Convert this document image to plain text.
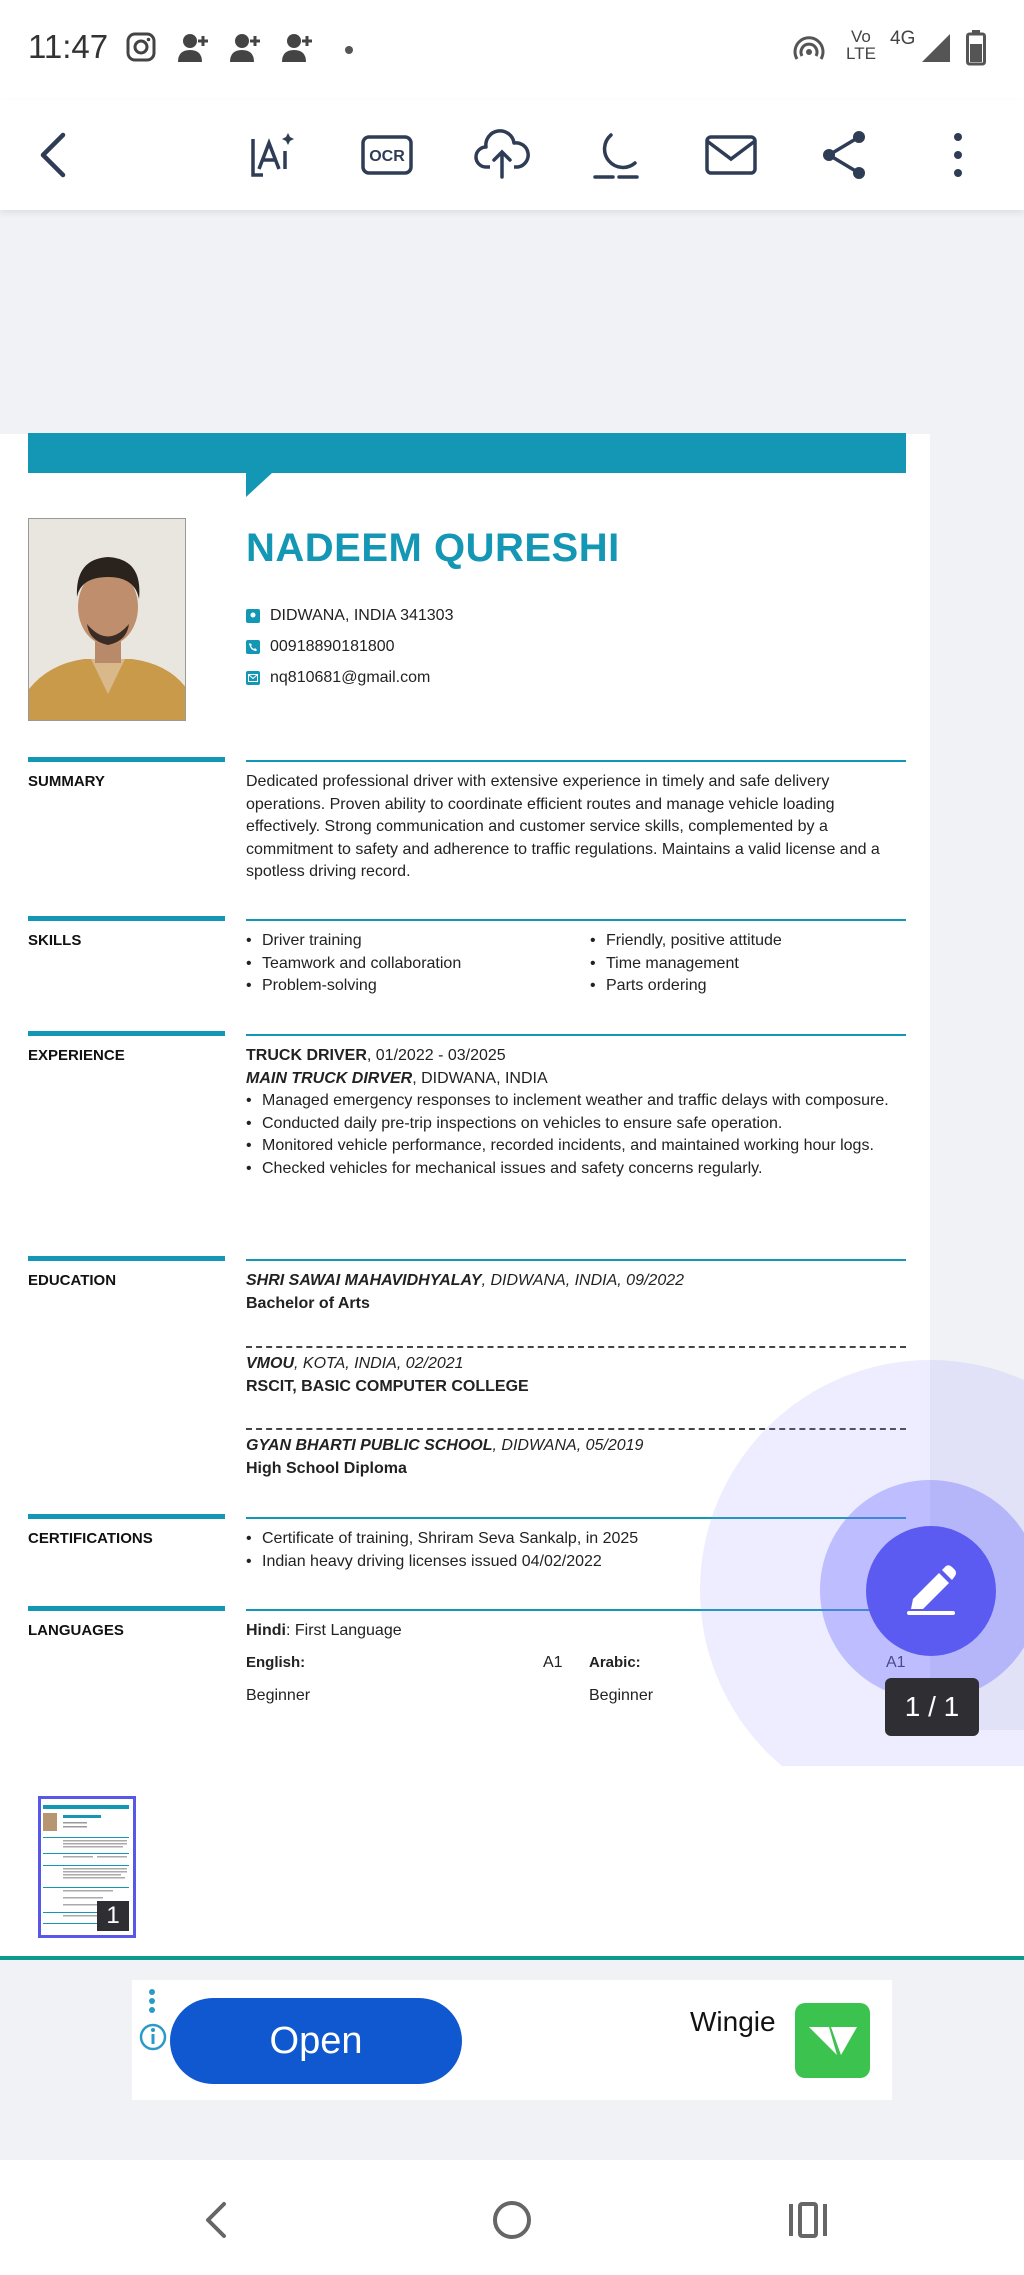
11:47	Vo
LTE
4G
OCR
NADEEM QURESHI
DIDWANA, INDIA 341303
00918890181800
nq810681@gmail.com
SUMMARY	Dedicated professional driver with extensive experience in timely and safe delivery operations. Proven ability to coordinate efficient routes and manage vehicle loading effectively. Strong communication and customer service skills, complemented by a commitment to safety and adherence to traffic regulations. Maintains a valid license and a spotless driving record.
SKILLS	• Driver training
• Teamwork and collaboration
• Problem-solving
• Friendly, positive attitude
• Time management
• Parts ordering
EXPERIENCE	TRUCK DRIVER, 01/2022 - 03/2025
MAIN TRUCK DIRVER, DIDWANA, INDIA
• Managed emergency responses to inclement weather and traffic delays with composure.
• Conducted daily pre-trip inspections on vehicles to ensure safe operation.
• Monitored vehicle performance, recorded incidents, and maintained working hour logs.
• Checked vehicles for mechanical issues and safety concerns regularly.
EDUCATION	SHRI SAWAI MAHAVIDHYALAY, DIDWANA, INDIA, 09/2022
Bachelor of Arts
VMOU, KOTA, INDIA, 02/2021
RSCIT, BASIC COMPUTER COLLEGE
GYAN BHARTI PUBLIC SCHOOL, DIDWANA, 05/2019
High School Diploma
CERTIFICATIONS	• Certificate of training, Shriram Seva Sankalp, in 2025
• Indian heavy driving licenses issued 04/02/2022
LANGUAGES	Hindi: First Language
English:	A1
Beginner
Arabic:	A1
Beginner	1 / 1
1
Open	Wingie
